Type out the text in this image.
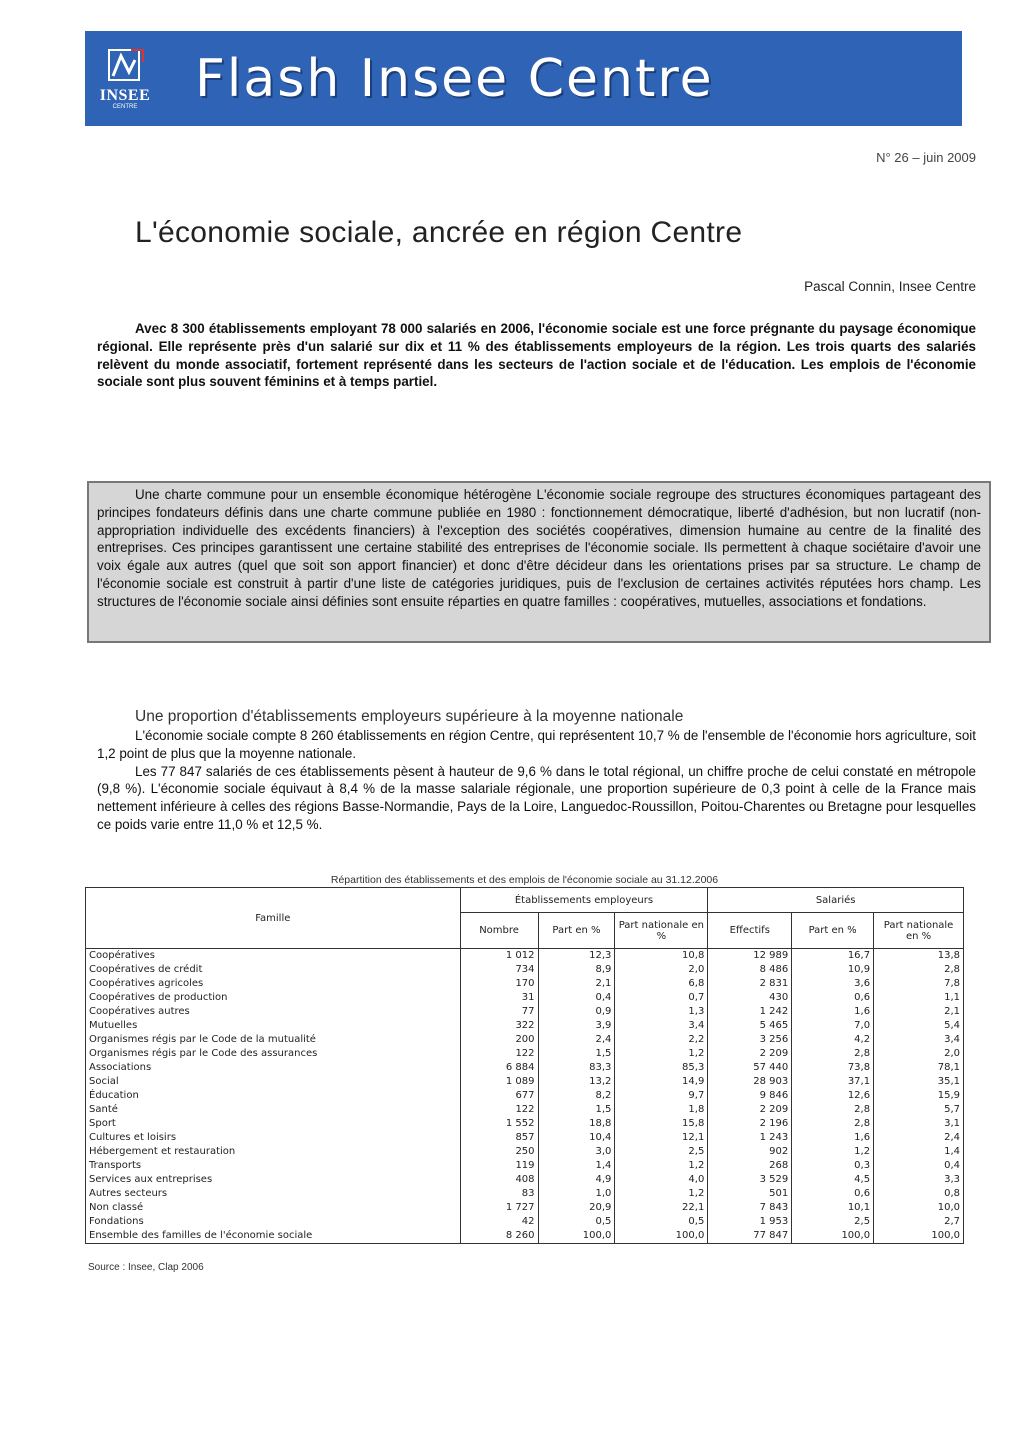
INSEE
CENTRE Flash Insee Centre
N° 26 – juin 2009
L'économie sociale, ancrée en région Centre
Pascal Connin, Insee Centre

Avec 8 300 établissements employant 78 000 salariés en 2006, l'économie sociale est une force prégnante du paysage économique régional. Elle représente près d'un salarié sur dix et 11 % des établissements employeurs de la région. Les trois quarts des salariés relèvent du monde associatif, fortement représenté dans les secteurs de l'action sociale et de l'éducation. Les emplois de l'économie sociale sont plus souvent féminins et à temps partiel.

Une charte commune pour un ensemble économique hétérogène L'économie sociale regroupe des structures économiques partageant des principes fondateurs définis dans une charte commune publiée en 1980 : fonctionnement démocratique, liberté d'adhésion, but non lucratif (non-appropriation individuelle des excédents financiers) à l'exception des sociétés coopératives, dimension humaine au centre de la finalité des entreprises. Ces principes garantissent une certaine stabilité des entreprises de l'économie sociale. Ils permettent à chaque sociétaire d'avoir une voix égale aux autres (quel que soit son apport financier) et donc d'être décideur dans les orientations prises par sa structure. Le champ de l'économie sociale est construit à partir d'une liste de catégories juridiques, puis de l'exclusion de certaines activités réputées hors champ. Les structures de l'économie sociale ainsi définies sont ensuite réparties en quatre familles : coopératives, mutuelles, associations et fondations.

Une proportion d'établissements employeurs supérieure à la moyenne nationale

L'économie sociale compte 8 260 établissements en région Centre, qui représentent 10,7 % de l'ensemble de l'économie hors agriculture, soit 1,2 point de plus que la moyenne nationale.

Les 77 847 salariés de ces établissements pèsent à hauteur de 9,6 % dans le total régional, un chiffre proche de celui constaté en métropole (9,8 %). L'économie sociale équivaut à 8,4 % de la masse salariale régionale, une proportion supérieure de 0,3 point à celle de la France mais nettement inférieure à celles des régions Basse-Normandie, Pays de la Loire, Languedoc-Roussillon, Poitou-Charentes ou Bretagne pour lesquelles ce poids varie entre 11,0 % et 12,5 %.

Répartition des établissements et des emplois de l'économie sociale au 31.12.2006
Famille	Établissements employeurs			Salariés		
	Nombre	Part en %	Part nationale en %	Effectifs	Part en %	Part nationale en %
Coopératives	1 012	12,3	10,8	12 989	16,7	13,8
Coopératives de crédit	734	8,9	2,0	8 486	10,9	2,8
Coopératives agricoles	170	2,1	6,8	2 831	3,6	7,8
Coopératives de production	31	0,4	0,7	430	0,6	1,1
Coopératives autres	77	0,9	1,3	1 242	1,6	2,1
Mutuelles	322	3,9	3,4	5 465	7,0	5,4
Organismes régis par le Code de la mutualité	200	2,4	2,2	3 256	4,2	3,4
Organismes régis par le Code des assurances	122	1,5	1,2	2 209	2,8	2,0
Associations	6 884	83,3	85,3	57 440	73,8	78,1
Social	1 089	13,2	14,9	28 903	37,1	35,1
Éducation	677	8,2	9,7	9 846	12,6	15,9
Santé	122	1,5	1,8	2 209	2,8	5,7
Sport	1 552	18,8	15,8	2 196	2,8	3,1
Cultures et loisirs	857	10,4	12,1	1 243	1,6	2,4
Hébergement et restauration	250	3,0	2,5	902	1,2	1,4
Transports	119	1,4	1,2	268	0,3	0,4
Services aux entreprises	408	4,9	4,0	3 529	4,5	3,3
Autres secteurs	83	1,0	1,2	501	0,6	0,8
Non classé	1 727	20,9	22,1	7 843	10,1	10,0
Fondations	42	0,5	0,5	1 953	2,5	2,7
Ensemble des familles de l'économie sociale	8 260	100,0	100,0	77 847	100,0	100,0
Source : Insee, Clap 2006
